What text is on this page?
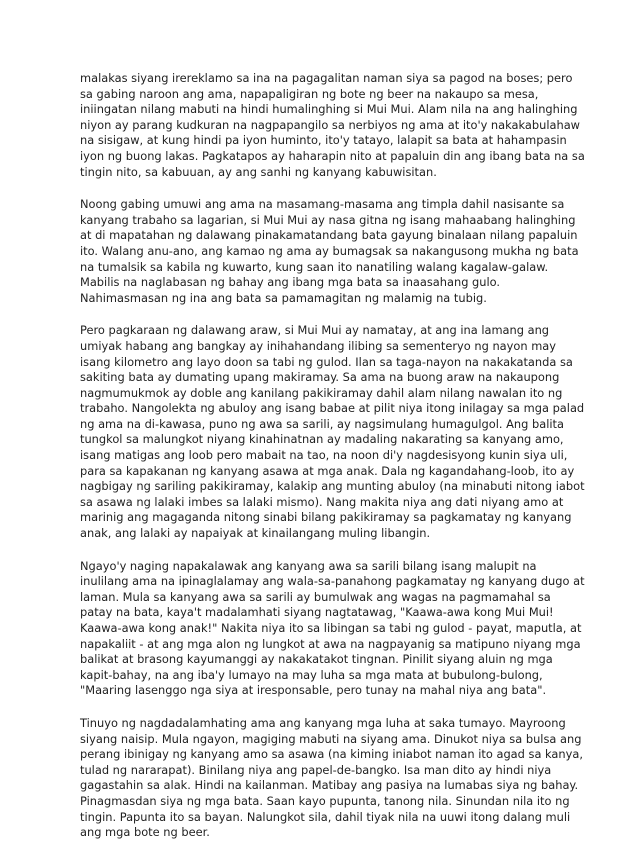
malakas siyang irereklamo sa ina na pagagalitan naman siya sa pagod na boses; pero
sa gabing naroon ang ama, napapaligiran ng bote ng beer na nakaupo sa mesa,
iniingatan nilang mabuti na hindi humalinghing si Mui Mui. Alam nila na ang halinghing
niyon ay parang kudkuran na nagpapangilo sa nerbiyos ng ama at ito'y nakakabulahaw
na sisigaw, at kung hindi pa iyon huminto, ito'y tatayo, lalapit sa bata at hahampasin
iyon ng buong lakas. Pagkatapos ay haharapin nito at papaluin din ang ibang bata na sa
tingin nito, sa kabuuan, ay ang sanhi ng kanyang kabuwisitan.

Noong gabing umuwi ang ama na masamang-masama ang timpla dahil nasisante sa
kanyang trabaho sa lagarian, si Mui Mui ay nasa gitna ng isang mahaabang halinghing
at di mapatahan ng dalawang pinakamatandang bata gayung binalaan nilang papaluin
ito. Walang anu-ano, ang kamao ng ama ay bumagsak sa nakangusong mukha ng bata
na tumalsik sa kabila ng kuwarto, kung saan ito nanatiling walang kagalaw-galaw.
Mabilis na naglabasan ng bahay ang ibang mga bata sa inaasahang gulo.
Nahimasmasan ng ina ang bata sa pamamagitan ng malamig na tubig.

Pero pagkaraan ng dalawang araw, si Mui Mui ay namatay, at ang ina lamang ang
umiyak habang ang bangkay ay inihahandang ilibing sa sementeryo ng nayon may
isang kilometro ang layo doon sa tabi ng gulod. Ilan sa taga-nayon na nakakatanda sa
sakiting bata ay dumating upang makiramay. Sa ama na buong araw na nakaupong
nagmumukmok ay doble ang kanilang pakikiramay dahil alam nilang nawalan ito ng
trabaho. Nangolekta ng abuloy ang isang babae at pilit niya itong inilagay sa mga palad
ng ama na di-kawasa, puno ng awa sa sarili, ay nagsimulang humagulgol. Ang balita
tungkol sa malungkot niyang kinahinatnan ay madaling nakarating sa kanyang amo,
isang matigas ang loob pero mabait na tao, na noon di'y nagdesisyong kunin siya uli,
para sa kapakanan ng kanyang asawa at mga anak. Dala ng kagandahang-loob, ito ay
nagbigay ng sariling pakikiramay, kalakip ang munting abuloy (na minabuti nitong iabot
sa asawa ng lalaki imbes sa lalaki mismo). Nang makita niya ang dati niyang amo at
marinig ang magaganda nitong sinabi bilang pakikiramay sa pagkamatay ng kanyang
anak, ang lalaki ay napaiyak at kinailangang muling libangin.

Ngayo'y naging napakalawak ang kanyang awa sa sarili bilang isang malupit na
inulilang ama na ipinaglalamay ang wala-sa-panahong pagkamatay ng kanyang dugo at
laman. Mula sa kanyang awa sa sarili ay bumulwak ang wagas na pagmamahal sa
patay na bata, kaya't madalamhati siyang nagtatawag, "Kaawa-awa kong Mui Mui!
Kaawa-awa kong anak!" Nakita niya ito sa libingan sa tabi ng gulod - payat, maputla, at
napakaliit - at ang mga alon ng lungkot at awa na nagpayanig sa matipuno niyang mga
balikat at brasong kayumanggi ay nakakatakot tingnan. Pinilit siyang aluin ng mga
kapit-bahay, na ang iba'y lumayo na may luha sa mga mata at bubulong-bulong,
"Maaring lasenggo nga siya at iresponsable, pero tunay na mahal niya ang bata".

Tinuyo ng nagdadalamhating ama ang kanyang mga luha at saka tumayo. Mayroong
siyang naisip. Mula ngayon, magiging mabuti na siyang ama. Dinukot niya sa bulsa ang
perang ibinigay ng kanyang amo sa asawa (na kiming iniabot naman ito agad sa kanya,
tulad ng nararapat). Binilang niya ang papel-de-bangko. Isa man dito ay hindi niya
gagastahin sa alak. Hindi na kailanman. Matibay ang pasiya na lumabas siya ng bahay.
Pinagmasdan siya ng mga bata. Saan kayo pupunta, tanong nila. Sinundan nila ito ng
tingin. Papunta ito sa bayan. Nalungkot sila, dahil tiyak nila na uuwi itong dalang muli
ang mga bote ng beer.
